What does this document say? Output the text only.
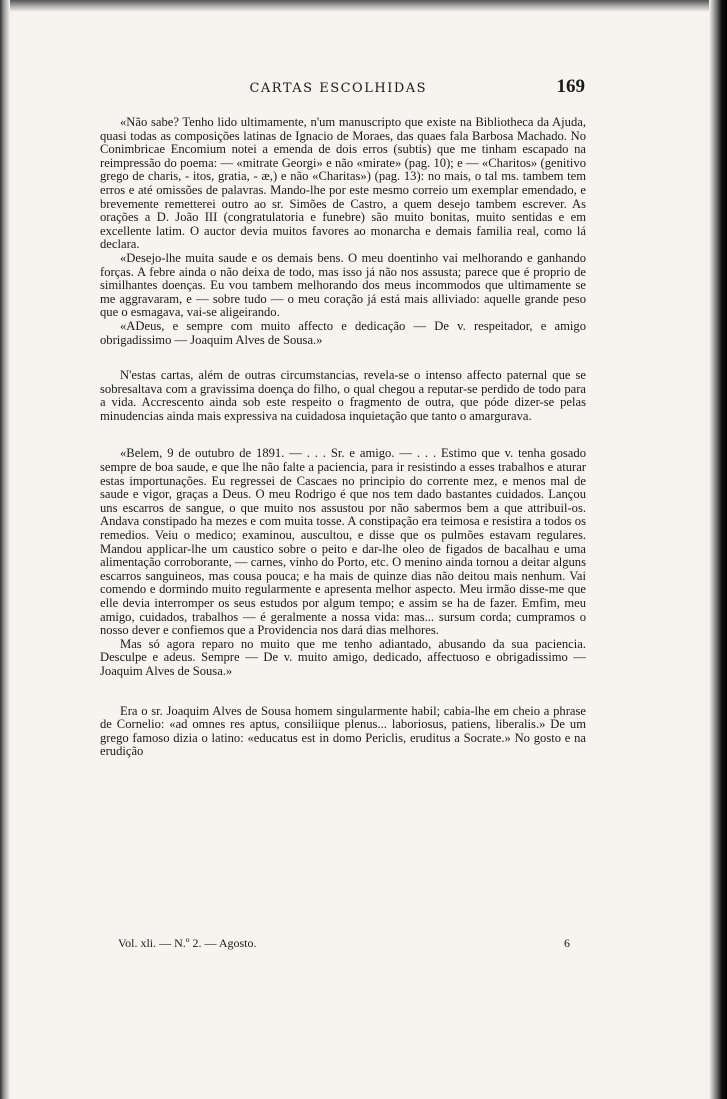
CARTAS ESCOLHIDAS	169

«Não sabe? Tenho lido ultimamente, n'um manuscripto que existe na Bibliotheca da Ajuda, quasi todas as composições latinas de Ignacio de Moraes, das quaes fala Barbosa Machado. No Conimbricae Encomium notei a emenda de dois erros (subtis) que me tinham escapado na reimpressão do poema: — «mitrate Georgi» e não «mirate» (pag. 10); e — «Charitos» (genitivo grego de charis, - itos, gratia, - æ,) e não «Charitas») (pag. 13): no mais, o tal ms. tambem tem erros e até omissões de palavras. Mando-lhe por este mesmo correio um exemplar emendado, e brevemente remetterei outro ao sr. Simões de Castro, a quem desejo tambem escrever. As orações a D. João III (congratulatoria e funebre) são muito bonitas, muito sentidas e em excellente latim. O auctor devia muitos favores ao monarcha e demais familia real, como lá declara.

«Desejo-lhe muita saude e os demais bens. O meu doentinho vai melhorando e ganhando forças. A febre ainda o não deixa de todo, mas isso já não nos assusta; parece que é proprio de similhantes doenças. Eu vou tambem melhorando dos meus incommodos que ultimamente se me aggravaram, e — sobre tudo — o meu coração já está mais alliviado: aquelle grande peso que o esmagava, vai-se aligeirando.

«ADeus, e sempre com muito affecto e dedicação — De v. respeitador, e amigo obrigadissimo — Joaquim Alves de Sousa.»

N'estas cartas, além de outras circumstancias, revela-se o intenso affecto paternal que se sobresaltava com a gravissima doença do filho, o qual chegou a reputar-se perdido de todo para a vida. Accrescento ainda sob este respeito o fragmento de outra, que póde dizer-se pelas minudencias ainda mais expressiva na cuidadosa inquietação que tanto o amargurava.

«Belem, 9 de outubro de 1891. — . . . Sr. e amigo. — . . . Estimo que v. tenha gosado sempre de boa saude, e que lhe não falte a paciencia, para ir resistindo a esses trabalhos e aturar estas importunações. Eu regressei de Cascaes no principio do corrente mez, e menos mal de saude e vigor, graças a Deus. O meu Rodrigo é que nos tem dado bastantes cuidados. Lançou uns escarros de sangue, o que muito nos assustou por não sabermos bem a que attribuil-os. Andava constipado ha mezes e com muita tosse. A constipação era teimosa e resistira a todos os remedios. Veiu o medico; examinou, auscultou, e disse que os pulmões estavam regulares. Mandou applicar-lhe um caustico sobre o peito e dar-lhe oleo de figados de bacalhau e uma alimentação corroborante, — carnes, vinho do Porto, etc. O menino ainda tornou a deitar alguns escarros sanguineos, mas cousa pouca; e ha mais de quinze dias não deitou mais nenhum. Vai comendo e dormindo muito regularmente e apresenta melhor aspecto. Meu irmão disse-me que elle devia interromper os seus estudos por algum tempo; e assim se ha de fazer. Emfim, meu amigo, cuidados, trabalhos — é geralmente a nossa vida: mas... sursum corda; cumpramos o nosso dever e confiemos que a Providencia nos dará dias melhores.

Mas só agora reparo no muito que me tenho adiantado, abusando da sua paciencia. Desculpe e adeus. Sempre — De v. muito amigo, dedicado, affectuoso e obrigadissimo — Joaquim Alves de Sousa.»

Era o sr. Joaquim Alves de Sousa homem singularmente habil; cabia-lhe em cheio a phrase de Cornelio: «ad omnes res aptus, consiliique plenus... laboriosus, patiens, liberalis.» De um grego famoso dizia o latino: «educatus est in domo Periclis, eruditus a Socrate.» No gosto e na erudição

Vol. xli. — N.º 2. — Agosto.	6
